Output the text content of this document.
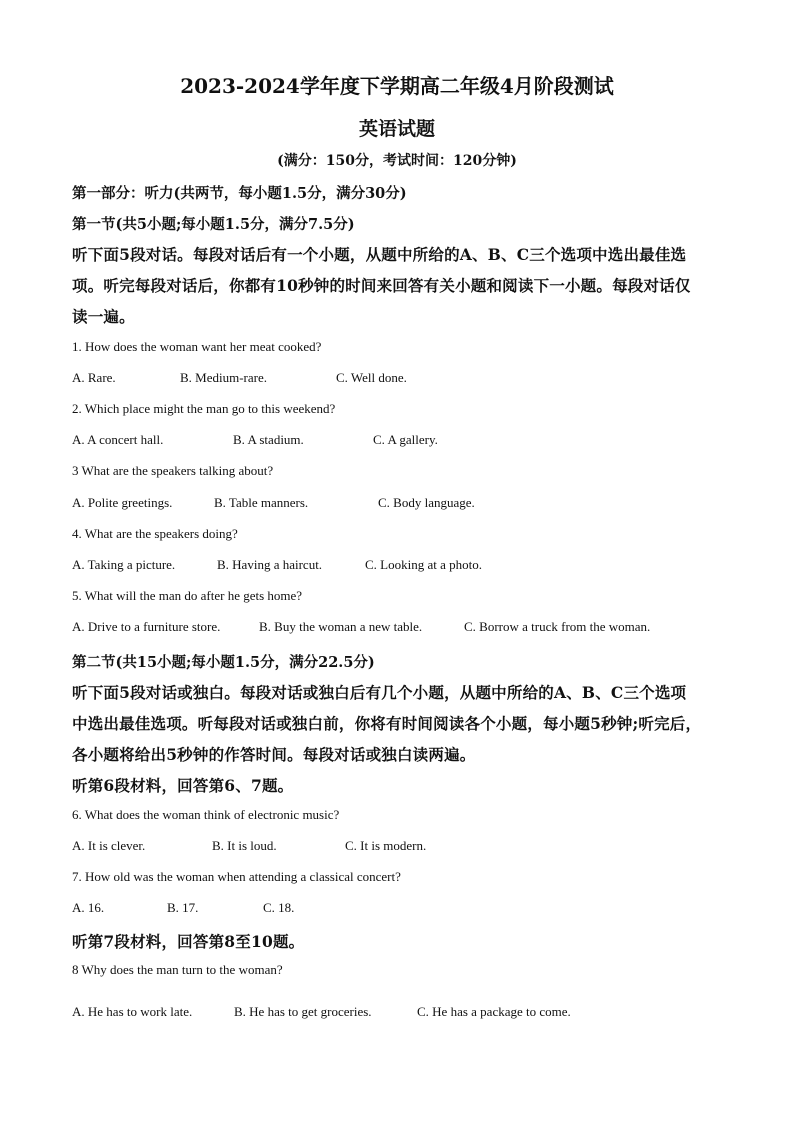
2023-2024学年度下学期高二年级4月阶段测试
英语试题
(满分：150分，考试时间：120分钟)
第一部分：听力(共两节，每小题1.5分，满分30分)
第一节(共5小题;每小题1.5分，满分7.5分)
听下面5段对话。每段对话后有一个小题，从题中所给的A、B、C三个选项中选出最佳选
项。听完每段对话后，你都有10秒钟的时间来回答有关小题和阅读下一小题。每段对话仅
读一遍。
1. How does the woman want her meat cooked?
A. Rare.	B. Medium-rare.	C. Well done.
2. Which place might the man go to this weekend?
A. A concert hall.	B. A stadium.	C. A gallery.
3 What are the speakers talking about?
A. Polite greetings.	B. Table manners.	C. Body language.
4. What are the speakers doing?
A. Taking a picture.	B. Having a haircut.	C. Looking at a photo.
5. What will the man do after he gets home?
A. Drive to a furniture store.	B. Buy the woman a new table.	C. Borrow a truck from the woman.
第二节(共15小题;每小题1.5分，满分22.5分)
听下面5段对话或独白。每段对话或独白后有几个小题，从题中所给的A、B、C三个选项
中选出最佳选项。听每段对话或独白前，你将有时间阅读各个小题，每小题5秒钟;听完后，
各小题将给出5秒钟的作答时间。每段对话或独白读两遍。
听第6段材料，回答第6、7题。
6. What does the woman think of electronic music?
A. It is clever.	B. It is loud.	C. It is modern.
7. How old was the woman when attending a classical concert?
A. 16.	B. 17.	C. 18.
听第7段材料，回答第8至10题。
8 Why does the man turn to the woman?
A. He has to work late.	B. He has to get groceries.	C. He has a package to come.
